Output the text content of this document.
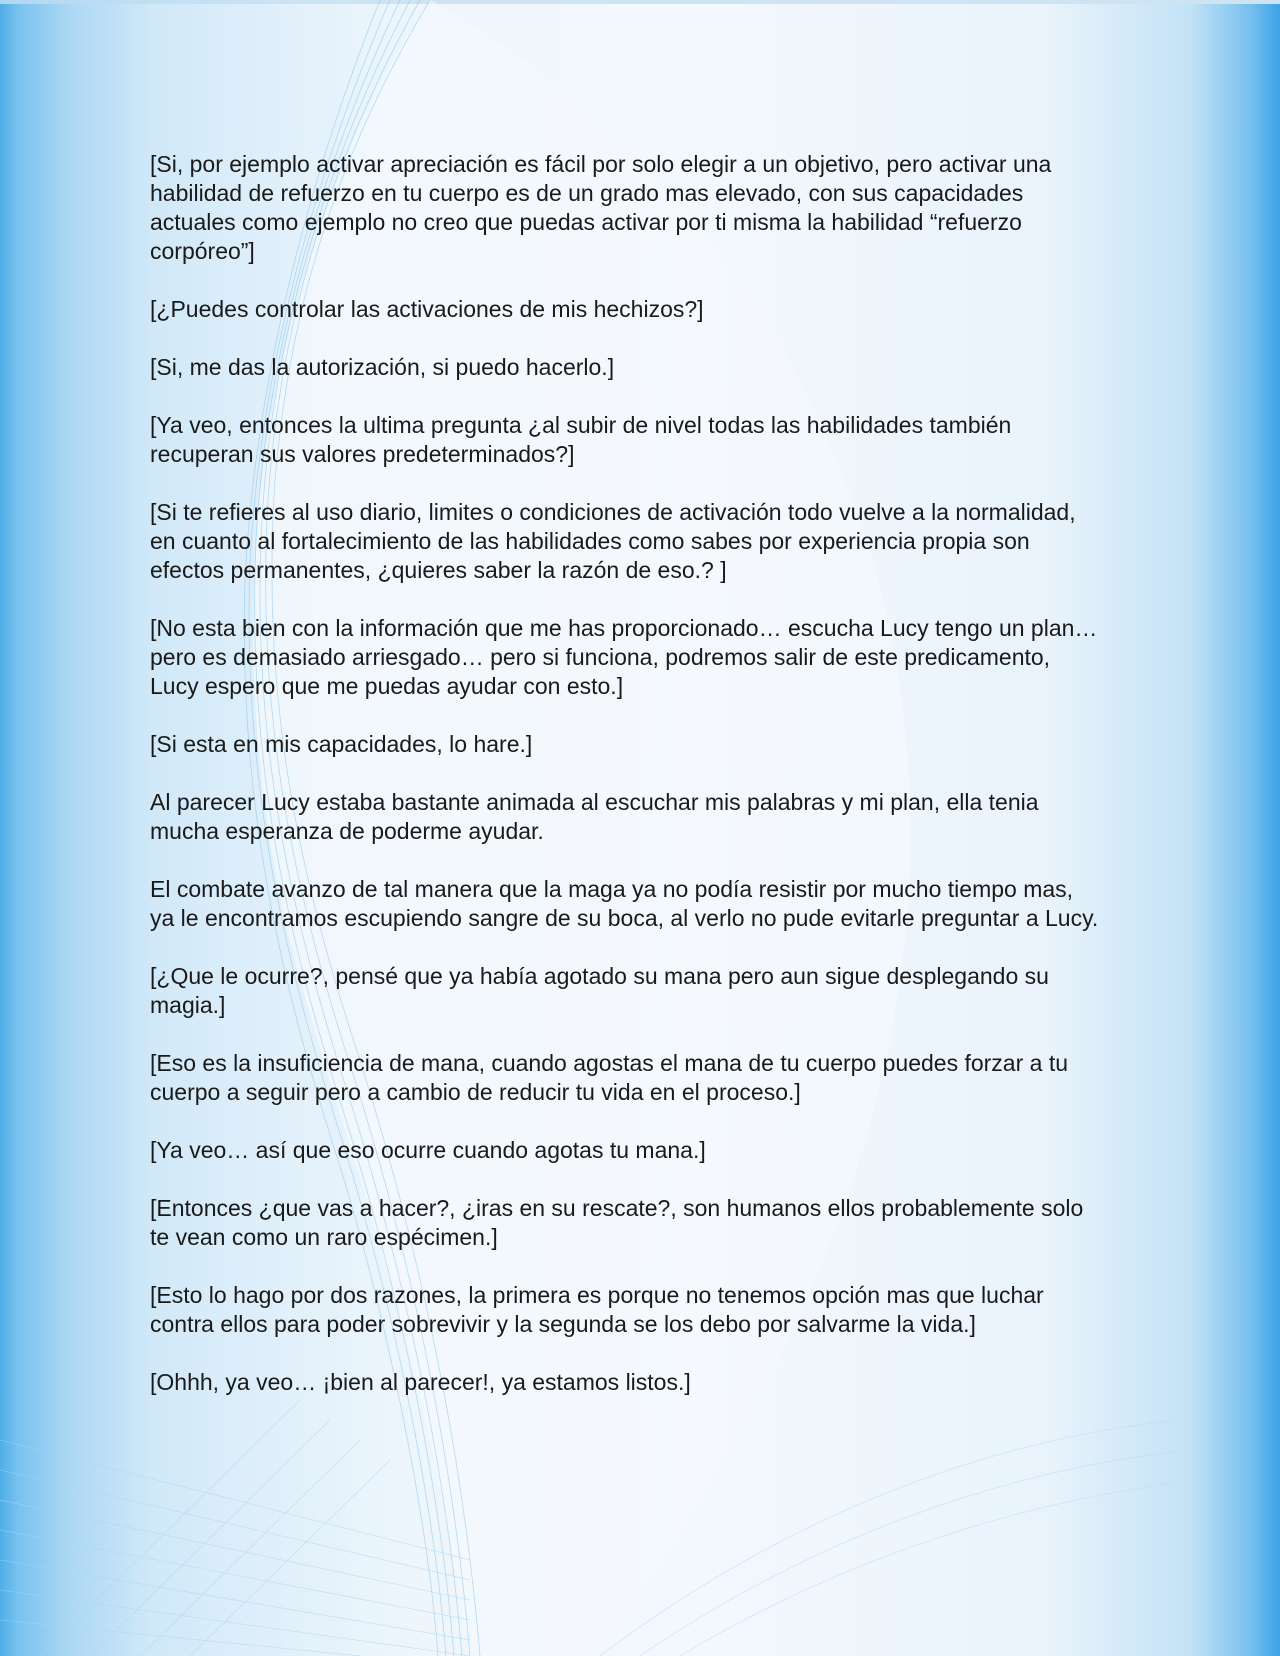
[Si, por ejemplo activar apreciación es fácil por solo elegir a un objetivo, pero activar una habilidad de refuerzo en tu cuerpo es de un grado mas elevado, con sus capacidades actuales como ejemplo no creo que puedas activar por ti misma la habilidad “refuerzo corpóreo”]

[¿Puedes controlar las activaciones de mis hechizos?]

[Si, me das la autorización, si puedo hacerlo.]

[Ya veo, entonces la ultima pregunta ¿al subir de nivel todas las habilidades también recuperan sus valores predeterminados?]

[Si te refieres al uso diario, limites o condiciones de activación todo vuelve a la normalidad, en cuanto al fortalecimiento de las habilidades como sabes por experiencia propia son efectos permanentes, ¿quieres saber la razón de eso.? ]

[No esta bien con la información que me has proporcionado… escucha Lucy tengo un plan… pero es demasiado arriesgado… pero si funciona, podremos salir de este predicamento, Lucy espero que me puedas ayudar con esto.]

[Si esta en mis capacidades, lo hare.]

Al parecer Lucy estaba bastante animada al escuchar mis palabras y mi plan, ella tenia mucha esperanza de poderme ayudar.

El combate avanzo de tal manera que la maga ya no podía resistir por mucho tiempo mas, ya le encontramos escupiendo sangre de su boca, al verlo no pude evitarle preguntar a Lucy.

[¿Que le ocurre?, pensé que ya había agotado su mana pero aun sigue desplegando su magia.]

[Eso es la insuficiencia de mana, cuando agostas el mana de tu cuerpo puedes forzar a tu cuerpo a seguir pero a cambio de reducir tu vida en el proceso.]

[Ya veo… así que eso ocurre cuando agotas tu mana.]

[Entonces ¿que vas a hacer?, ¿iras en su rescate?, son humanos ellos probablemente solo te vean como un raro espécimen.]

[Esto lo hago por dos razones, la primera es porque no tenemos opción mas que luchar contra ellos para poder sobrevivir y la segunda se los debo por salvarme la vida.]

[Ohhh, ya veo… ¡bien al parecer!, ya estamos listos.]
